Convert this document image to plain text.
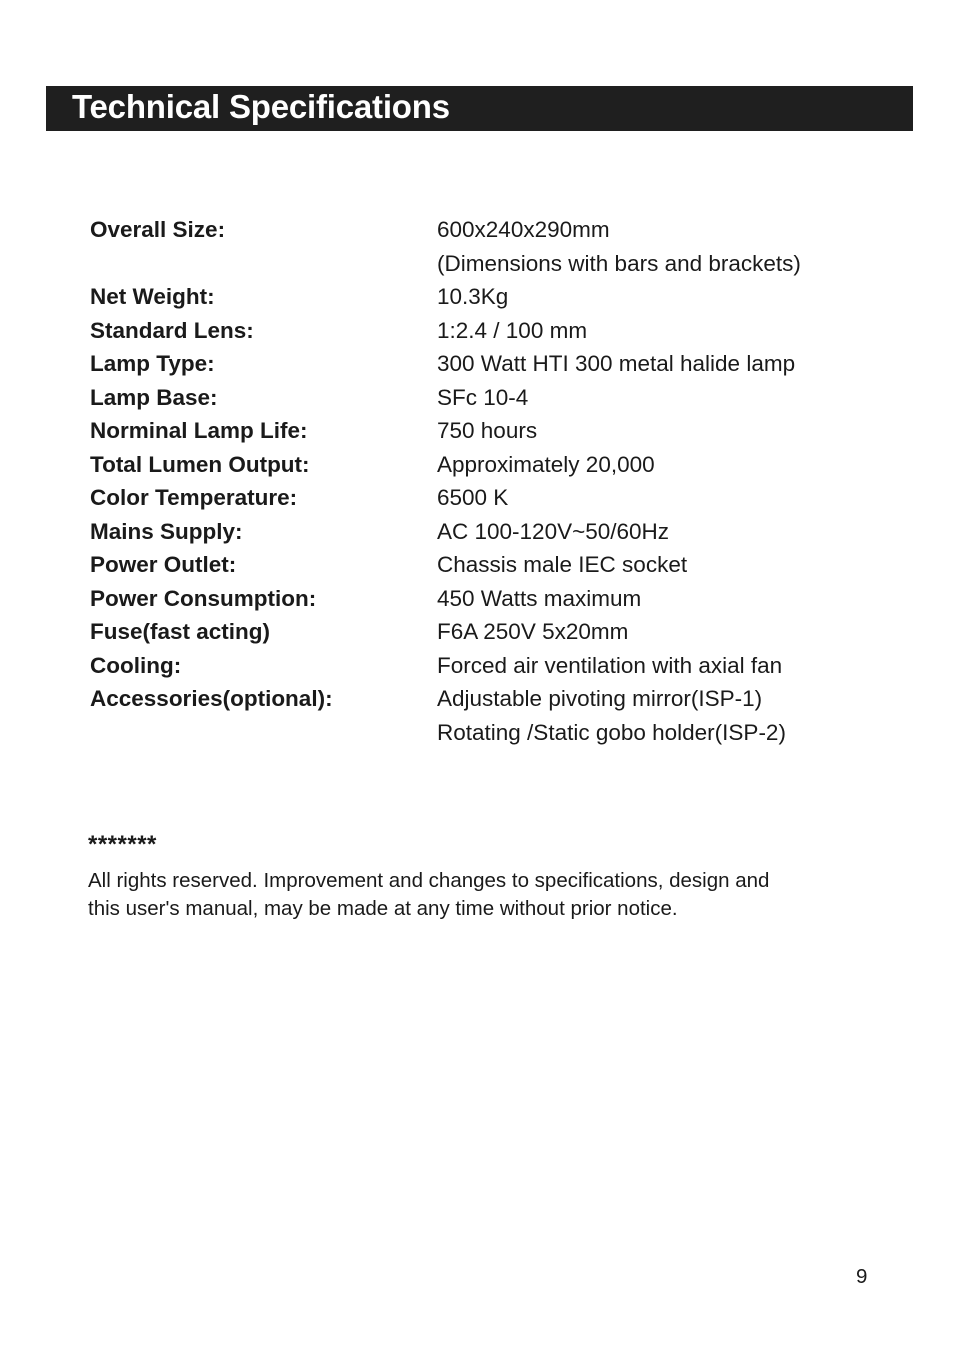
Technical Specifications
Overall Size:	600x240x290mm
(Dimensions with bars and brackets)
Net Weight:	10.3Kg
Standard Lens:	1:2.4 / 100 mm
Lamp Type:	300 Watt HTI 300 metal halide lamp
Lamp Base:	SFc 10-4
Norminal Lamp Life:	750 hours
Total Lumen Output:	Approximately 20,000
Color Temperature:	6500 K
Mains Supply:	AC 100-120V~50/60Hz
Power Outlet:	Chassis male IEC socket
Power Consumption:	450 Watts maximum
Fuse(fast acting)	F6A 250V 5x20mm
Cooling:	Forced air ventilation with axial fan
Accessories(optional):	Adjustable pivoting mirror(ISP-1)
Rotating /Static gobo holder(ISP-2)
*******
All rights reserved. Improvement and changes to specifications, design and
this user's manual, may be made at any time without prior notice.
9
